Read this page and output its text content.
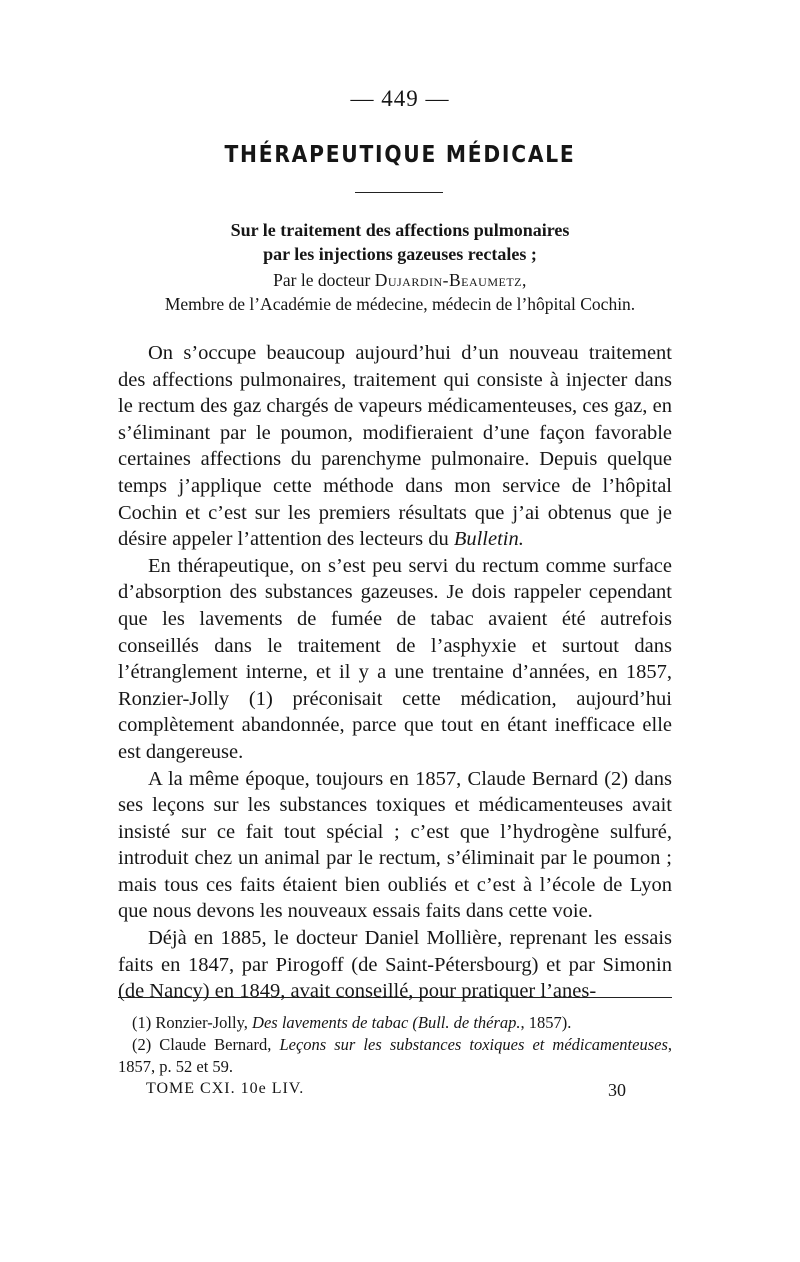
— 449 —
THÉRAPEUTIQUE MÉDICALE
Sur le traitement des affections pulmonaires
par les injections gazeuses rectales ;
Par le docteur Dujardin-Beaumetz,
Membre de l’Académie de médecine, médecin de l’hôpital Cochin.

On s’occupe beaucoup aujourd’hui d’un nouveau traitement des affections pulmonaires, traitement qui consiste à injecter dans le rectum des gaz chargés de vapeurs médicamenteuses, ces gaz, en s’éliminant par le poumon, modifieraient d’une façon favorable certaines affections du parenchyme pulmonaire. Depuis quelque temps j’applique cette méthode dans mon service de l’hôpital Cochin et c’est sur les premiers résultats que j’ai obtenus que je désire appeler l’attention des lecteurs du Bulletin.

En thérapeutique, on s’est peu servi du rectum comme surface d’absorption des substances gazeuses. Je dois rappeler cependant que les lavements de fumée de tabac avaient été autrefois conseillés dans le traitement de l’asphyxie et surtout dans l’étranglement interne, et il y a une trentaine d’années, en 1857, Ronzier-Jolly (1) préconisait cette médication, aujourd’hui complètement abandonnée, parce que tout en étant inefficace elle est dangereuse.

A la même époque, toujours en 1857, Claude Bernard (2) dans ses leçons sur les substances toxiques et médicamenteuses avait insisté sur ce fait tout spécial ; c’est que l’hydrogène sulfuré, introduit chez un animal par le rectum, s’éliminait par le poumon ; mais tous ces faits étaient bien oubliés et c’est à l’école de Lyon que nous devons les nouveaux essais faits dans cette voie.

Déjà en 1885, le docteur Daniel Mollière, reprenant les essais faits en 1847, par Pirogoff (de Saint-Pétersbourg) et par Simonin (de Nancy) en 1849, avait conseillé, pour pratiquer l’anes-

(1) Ronzier-Jolly, Des lavements de tabac (Bull. de thérap., 1857).

(2) Claude Bernard, Leçons sur les substances toxiques et médicamenteuses, 1857, p. 52 et 59.

TOME CXI. 10e LIV.	30
